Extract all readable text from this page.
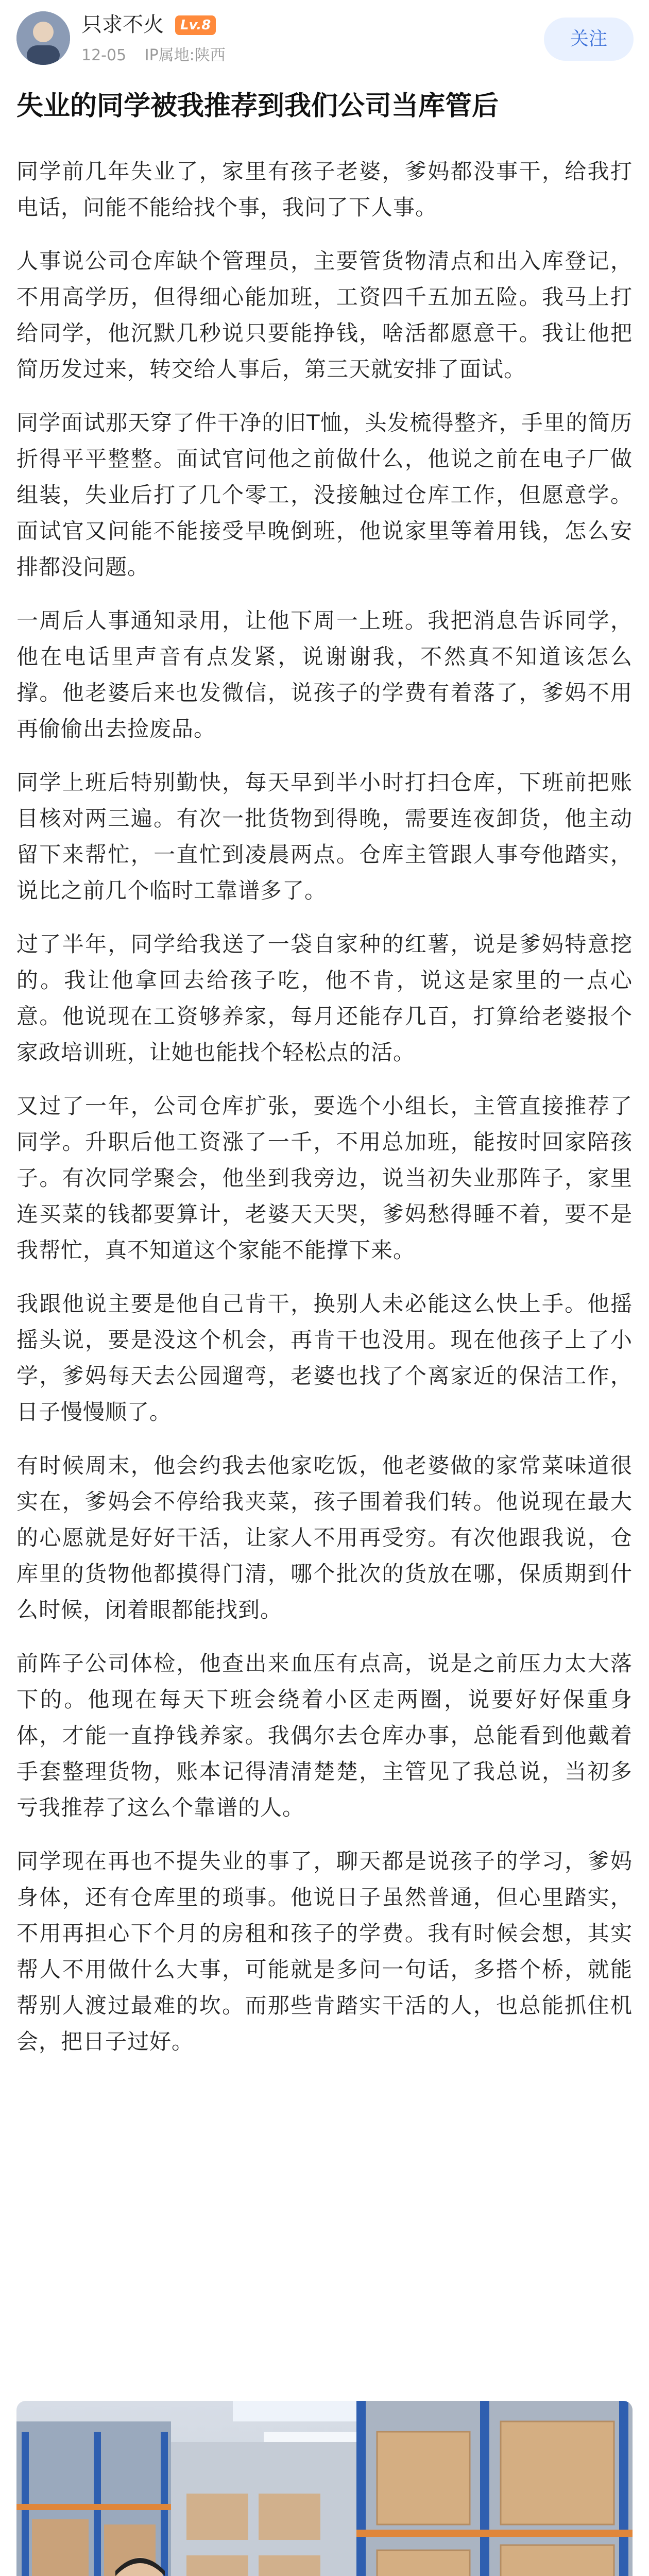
只求不火	Lv.8
12-05 IP属地:陕西
关注
失业的同学被我推荐到我们公司当库管后

同学前几年失业了，家里有孩子老婆，爹妈都没事干，给我打电话，问能不能给找个事，我问了下人事。

人事说公司仓库缺个管理员，主要管货物清点和出入库登记，不用高学历，但得细心能加班，工资四千五加五险。我马上打给同学，他沉默几秒说只要能挣钱，啥活都愿意干。我让他把简历发过来，转交给人事后，第三天就安排了面试。

同学面试那天穿了件干净的旧T恤，头发梳得整齐，手里的简历折得平平整整。面试官问他之前做什么，他说之前在电子厂做组装，失业后打了几个零工，没接触过仓库工作，但愿意学。面试官又问能不能接受早晚倒班，他说家里等着用钱，怎么安排都没问题。

一周后人事通知录用，让他下周一上班。我把消息告诉同学，他在电话里声音有点发紧，说谢谢我，不然真不知道该怎么撑。他老婆后来也发微信，说孩子的学费有着落了，爹妈不用再偷偷出去捡废品。

同学上班后特别勤快，每天早到半小时打扫仓库，下班前把账目核对两三遍。有次一批货物到得晚，需要连夜卸货，他主动留下来帮忙，一直忙到凌晨两点。仓库主管跟人事夸他踏实，说比之前几个临时工靠谱多了。

过了半年，同学给我送了一袋自家种的红薯，说是爹妈特意挖的。我让他拿回去给孩子吃，他不肯，说这是家里的一点心意。他说现在工资够养家，每月还能存几百，打算给老婆报个家政培训班，让她也能找个轻松点的活。

又过了一年，公司仓库扩张，要选个小组长，主管直接推荐了同学。升职后他工资涨了一千，不用总加班，能按时回家陪孩子。有次同学聚会，他坐到我旁边，说当初失业那阵子，家里连买菜的钱都要算计，老婆天天哭，爹妈愁得睡不着，要不是我帮忙，真不知道这个家能不能撑下来。

我跟他说主要是他自己肯干，换别人未必能这么快上手。他摇摇头说，要是没这个机会，再肯干也没用。现在他孩子上了小学，爹妈每天去公园遛弯，老婆也找了个离家近的保洁工作，日子慢慢顺了。

有时候周末，他会约我去他家吃饭，他老婆做的家常菜味道很实在，爹妈会不停给我夹菜，孩子围着我们转。他说现在最大的心愿就是好好干活，让家人不用再受穷。有次他跟我说，仓库里的货物他都摸得门清，哪个批次的货放在哪，保质期到什么时候，闭着眼都能找到。

前阵子公司体检，他查出来血压有点高，说是之前压力太大落下的。他现在每天下班会绕着小区走两圈，说要好好保重身体，才能一直挣钱养家。我偶尔去仓库办事，总能看到他戴着手套整理货物，账本记得清清楚楚，主管见了我总说，当初多亏我推荐了这么个靠谱的人。

同学现在再也不提失业的事了，聊天都是说孩子的学习，爹妈身体，还有仓库里的琐事。他说日子虽然普通，但心里踏实，不用再担心下个月的房租和孩子的学费。我有时候会想，其实帮人不用做什么大事，可能就是多问一句话，多搭个桥，就能帮别人渡过最难的坎。而那些肯踏实干活的人，也总能抓住机会，把日子过好。
